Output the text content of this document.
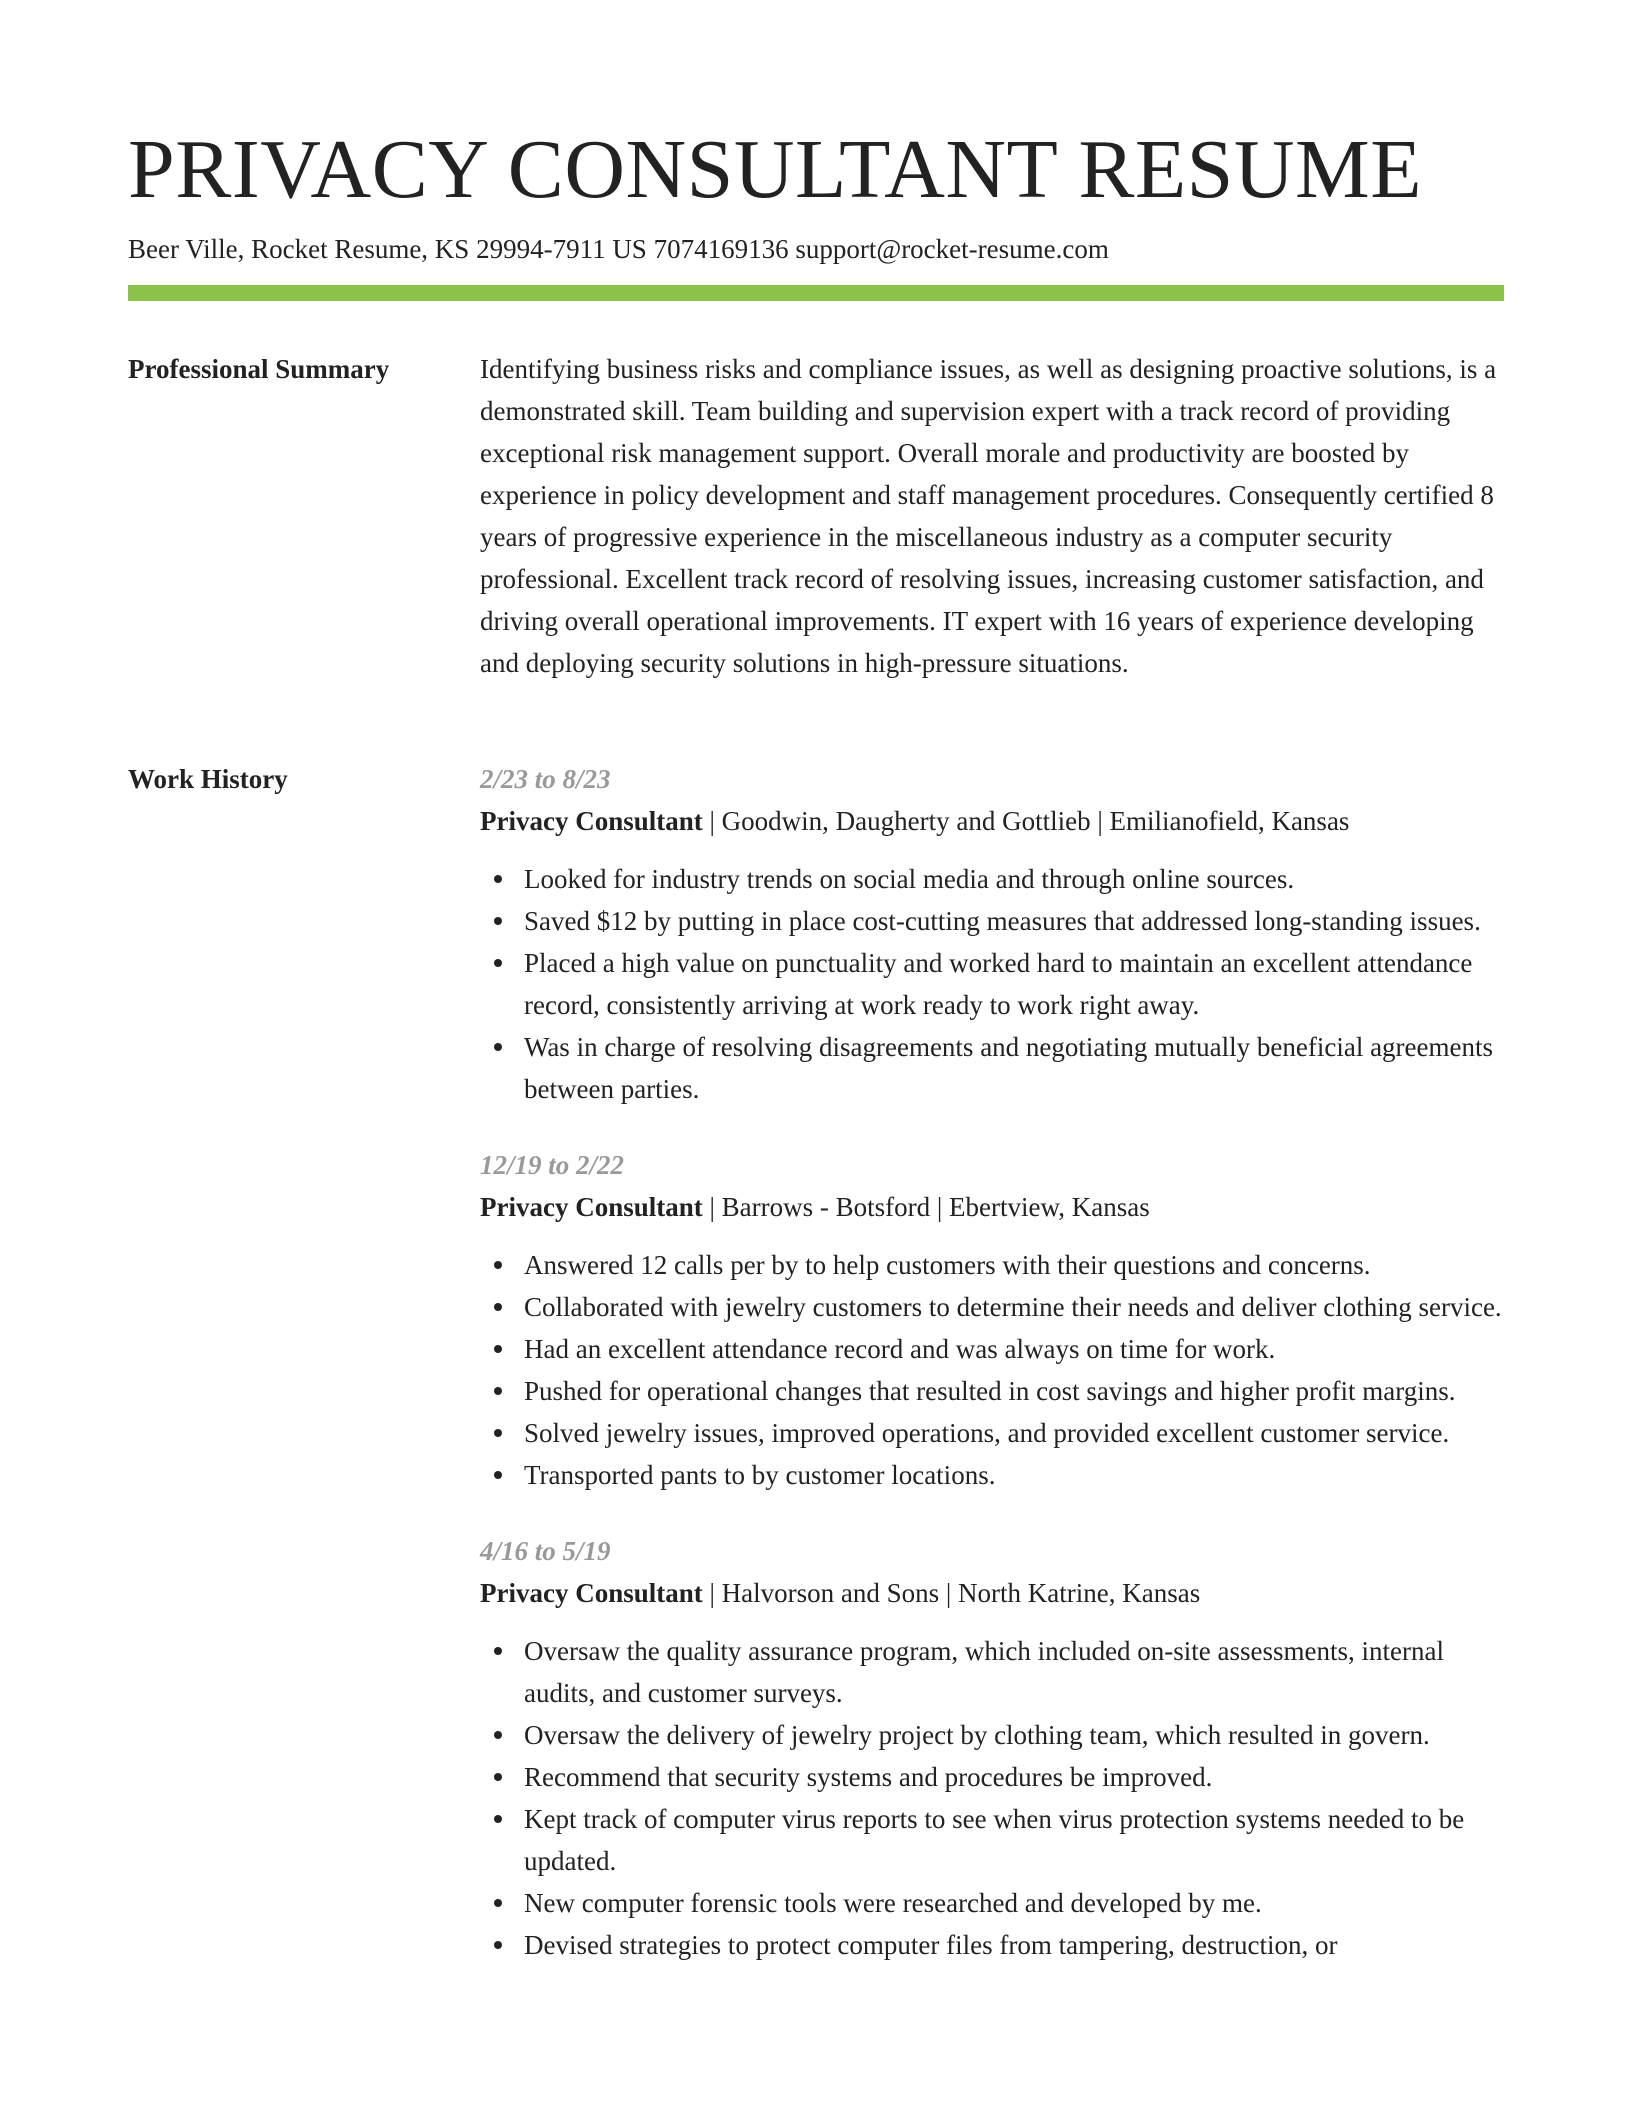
PRIVACY CONSULTANT RESUME
Beer Ville, Rocket Resume, KS 29994-7911 US 7074169136 support@rocket-resume.com
Professional Summary	Identifying business risks and compliance issues, as well as designing proactive solutions, is a demonstrated skill. Team building and supervision expert with a track record of providing exceptional risk management support. Overall morale and productivity are boosted by experience in policy development and staff management procedures. Consequently certified 8 years of progressive experience in the miscellaneous industry as a computer security professional. Excellent track record of resolving issues, increasing customer satisfaction, and driving overall operational improvements. IT expert with 16 years of experience developing and deploying security solutions in high-pressure situations.

Work History	2/23 to 8/23
Privacy Consultant | Goodwin, Daugherty and Gottlieb | Emilianofield, Kansas
Looked for industry trends on social media and through online sources.
Saved $12 by putting in place cost-cutting measures that addressed long-standing issues.
Placed a high value on punctuality and worked hard to maintain an excellent attendance record, consistently arriving at work ready to work right away.
Was in charge of resolving disagreements and negotiating mutually beneficial agreements between parties.
12/19 to 2/22
Privacy Consultant | Barrows - Botsford | Ebertview, Kansas
Answered 12 calls per by to help customers with their questions and concerns.
Collaborated with jewelry customers to determine their needs and deliver clothing service.
Had an excellent attendance record and was always on time for work.
Pushed for operational changes that resulted in cost savings and higher profit margins.
Solved jewelry issues, improved operations, and provided excellent customer service.
Transported pants to by customer locations.
4/16 to 5/19
Privacy Consultant | Halvorson and Sons | North Katrine, Kansas
Oversaw the quality assurance program, which included on-site assessments, internal audits, and customer surveys.
Oversaw the delivery of jewelry project by clothing team, which resulted in govern.
Recommend that security systems and procedures be improved.
Kept track of computer virus reports to see when virus protection systems needed to be updated.
New computer forensic tools were researched and developed by me.
Devised strategies to protect computer files from tampering, destruction, or
